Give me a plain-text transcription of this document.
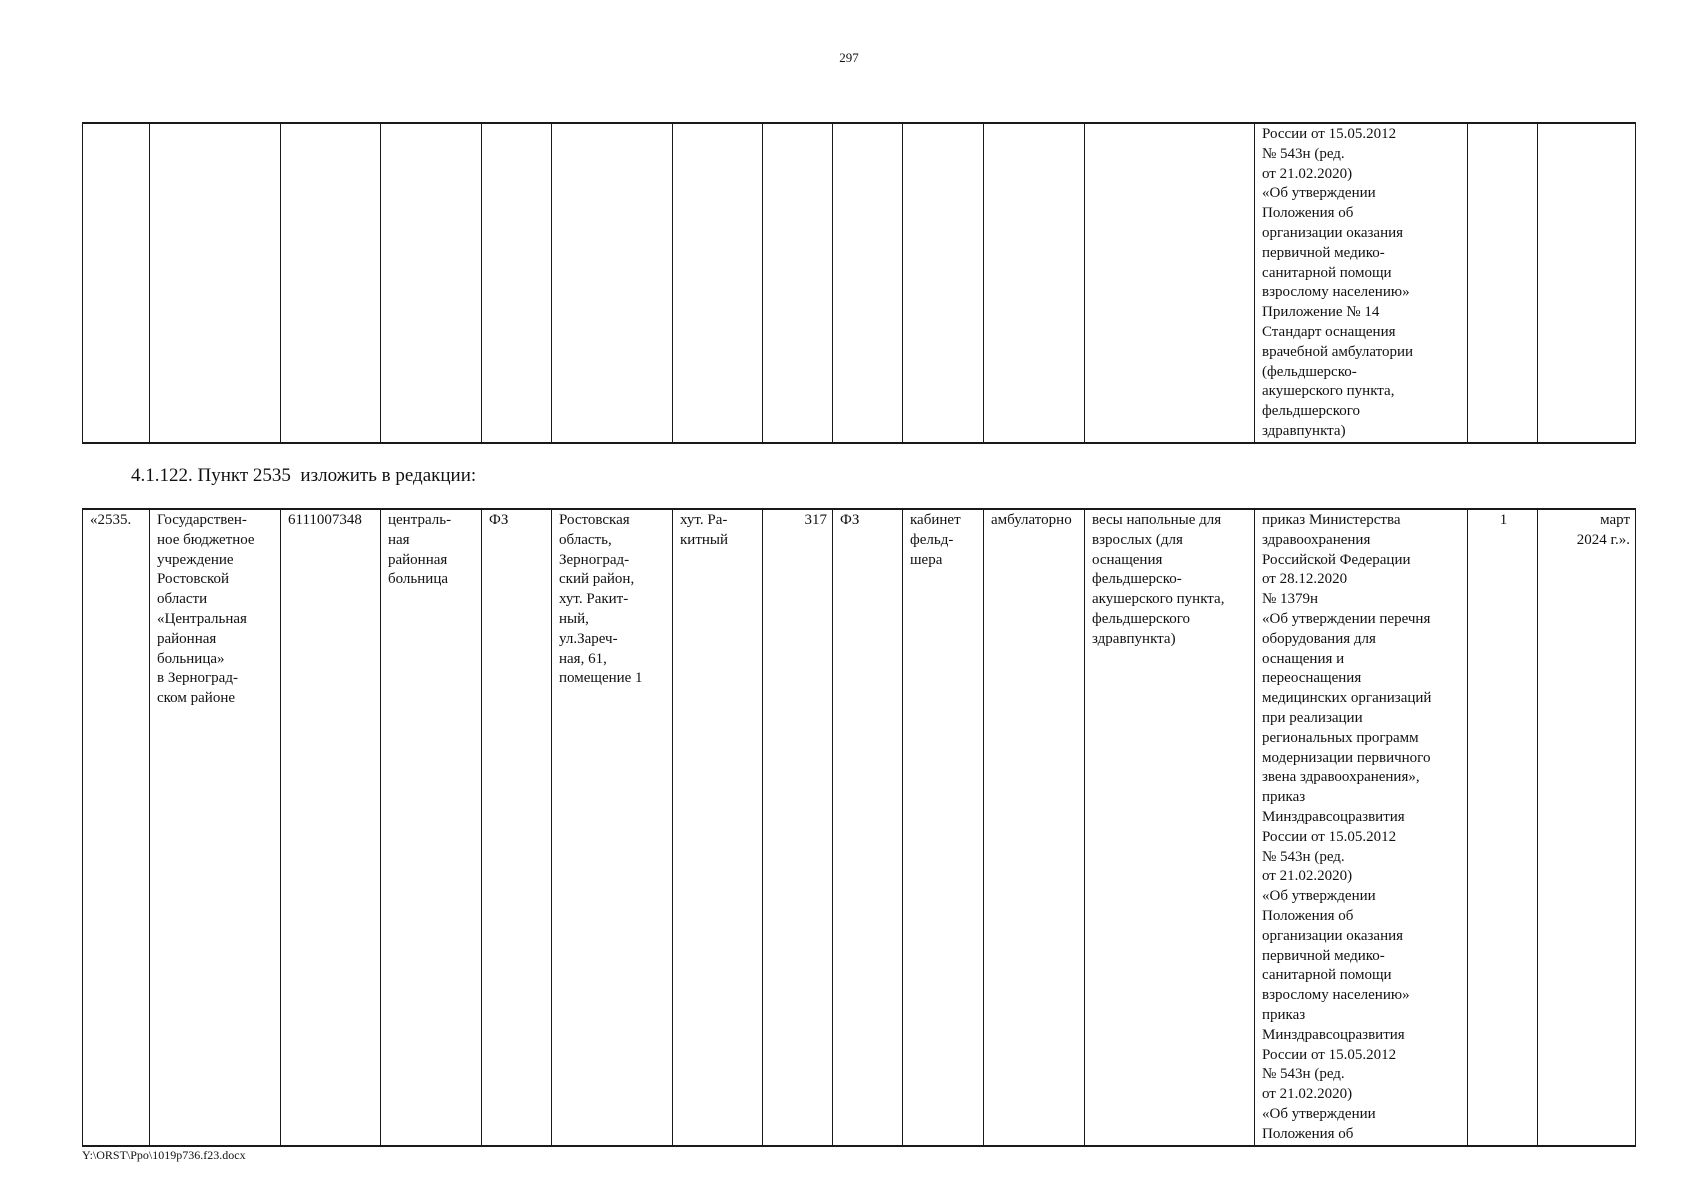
297
												России от 15.05.2012
№ 543н (ред.
от 21.02.2020)
«Об утверждении
Положения об
организации оказания
первичной медико-
санитарной помощи
взрослому населению»
Приложение № 14
Стандарт оснащения
врачебной амбулатории
(фельдшерско-
акушерского пункта,
фельдшерского
здравпункта)		
4.1.122. Пункт 2535  изложить в редакции:
«2535.	Государствен-
ное бюджетное
учреждение
Ростовской
области
«Центральная
районная
больница»
в Зерноград-
ском районе	6111007348	централь-
ная
районная
больница	ФЗ	Ростовская
область,
Зерноград-
ский район,
хут. Ракит-
ный,
ул.Зареч-
ная, 61,
помещение 1	хут. Ра-
китный	317	ФЗ	кабинет
фельд-
шера	амбулаторно	весы напольные для
взрослых (для
оснащения
фельдшерско-
акушерского пункта,
фельдшерского
здравпункта)	приказ Министерства
здравоохранения
Российской Федерации
от 28.12.2020
№ 1379н
«Об утверждении перечня
оборудования для
оснащения и
переоснащения
медицинских организаций
при реализации
региональных программ
модернизации первичного
звена здравоохранения»,
приказ
Минздравсоцразвития
России от 15.05.2012
№ 543н (ред.
от 21.02.2020)
«Об утверждении
Положения об
организации оказания
первичной медико-
санитарной помощи
взрослому населению»
приказ
Минздравсоцразвития
России от 15.05.2012
№ 543н (ред.
от 21.02.2020)
«Об утверждении
Положения об	1	март
2024 г.».
Y:\ORST\Ppo\1019p736.f23.docx
